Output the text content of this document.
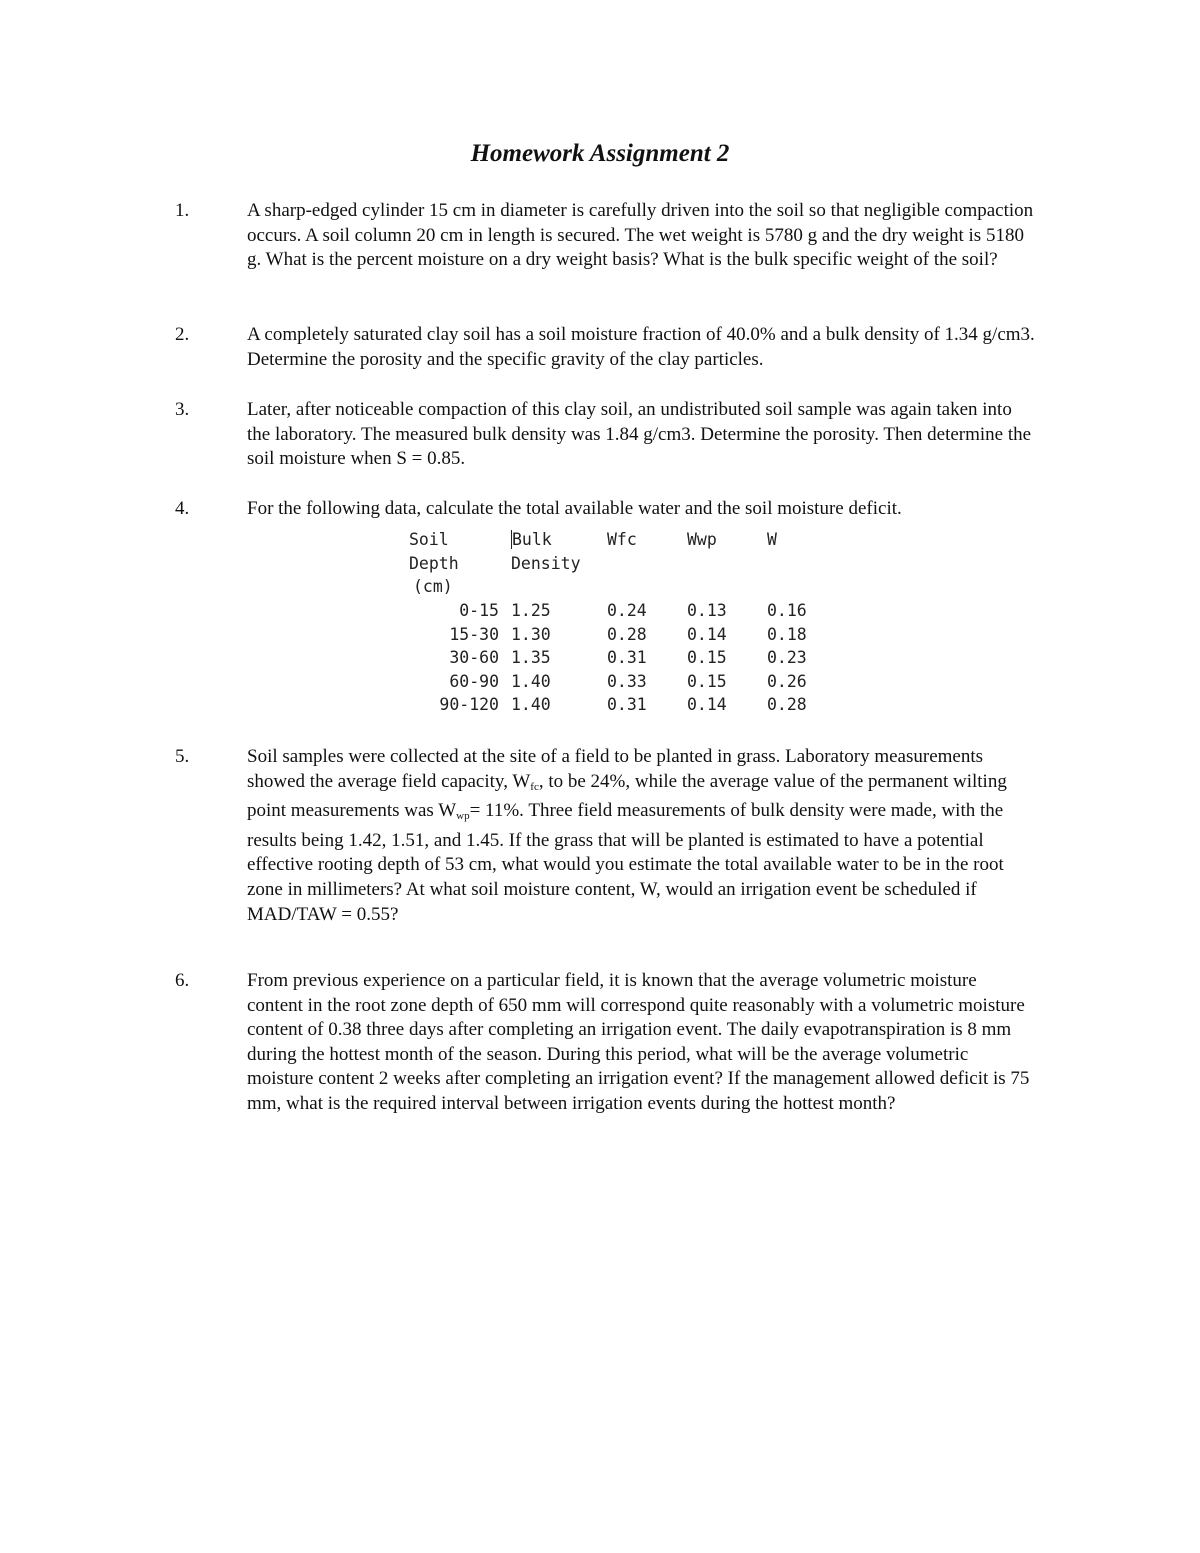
Homework Assignment 2
1.	A sharp-edged cylinder 15 cm in diameter is carefully driven into the soil so that negligible compaction occurs. A soil column 20 cm in length is secured. The wet weight is 5780 g and the dry weight is 5180 g. What is the percent moisture on a dry weight basis? What is the bulk specific weight of the soil?
2.	A completely saturated clay soil has a soil moisture fraction of 40.0% and a bulk density of 1.34 g/cm3. Determine the porosity and the specific gravity of the clay particles.
3.	Later, after noticeable compaction of this clay soil, an undistributed soil sample was again taken into the laboratory. The measured bulk density was 1.84 g/cm3. Determine the porosity. Then determine the soil moisture when S = 0.85.
4.	For the following data, calculate the total available water and the soil moisture deficit.
Soil	Bulk	Wfc	Wwp	W
Depth	Density			
(cm)				
0-15	1.25	0.24	0.13	0.16
15-30	1.30	0.28	0.14	0.18
30-60	1.35	0.31	0.15	0.23
60-90	1.40	0.33	0.15	0.26
90-120	1.40	0.31	0.14	0.28
5.	Soil samples were collected at the site of a field to be planted in grass. Laboratory measurements showed the average field capacity, $W_{fc}$, to be 24%, while the average value of the permanent wilting point measurements was $W_{wp}= 11\%$. Three field measurements of bulk density were made, with the results being 1.42, 1.51, and 1.45. If the grass that will be planted is estimated to have a potential effective rooting depth of 53 cm, what would you estimate the total available water to be in the root zone in millimeters? At what soil moisture content, W, would an irrigation event be scheduled if MAD/TAW = 0.55?
6.	From previous experience on a particular field, it is known that the average volumetric moisture content in the root zone depth of 650 mm will correspond quite reasonably with a volumetric moisture content of 0.38 three days after completing an irrigation event. The daily evapotranspiration is 8 mm during the hottest month of the season. During this period, what will be the average volumetric moisture content 2 weeks after completing an irrigation event? If the management allowed deficit is 75 mm, what is the required interval between irrigation events during the hottest month?
